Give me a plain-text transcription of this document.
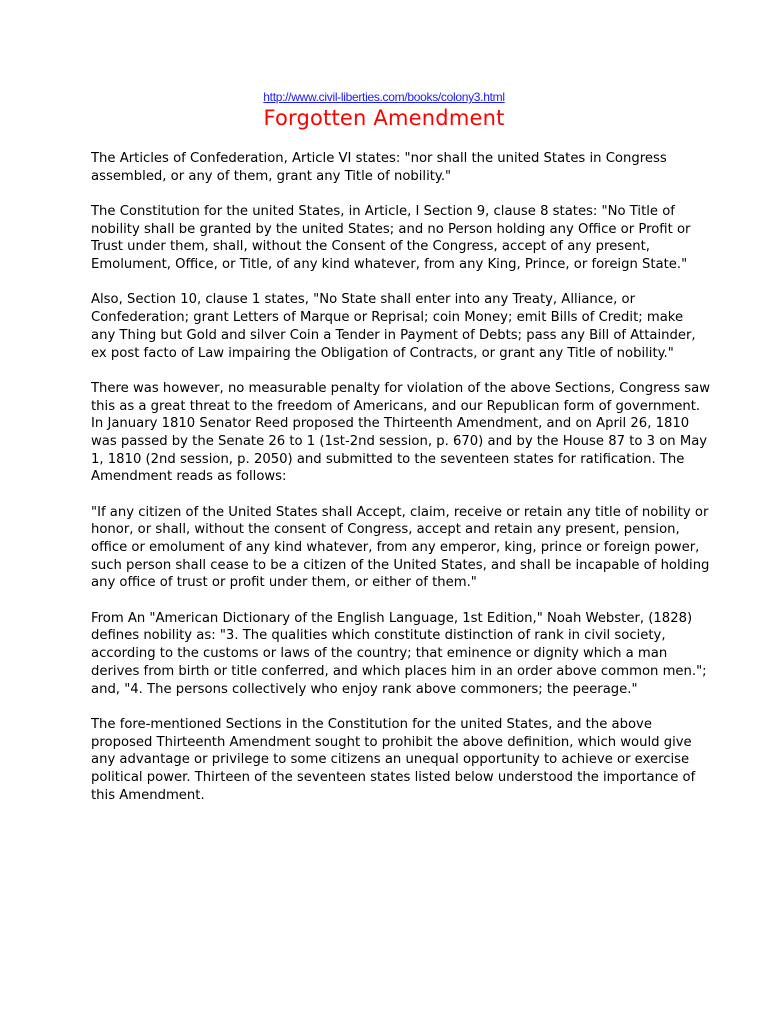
http://www.civil-liberties.com/books/colony3.html
Forgotten Amendment

The Articles of Confederation, Article VI states: "nor shall the united States in Congress assembled, or any of them, grant any Title of nobility."

The Constitution for the united States, in Article, I Section 9, clause 8 states: "No Title of nobility shall be granted by the united States; and no Person holding any Office or Profit or Trust under them, shall, without the Consent of the Congress, accept of any present, Emolument, Office, or Title, of any kind whatever, from any King, Prince, or foreign State."

Also, Section 10, clause 1 states, "No State shall enter into any Treaty, Alliance, or Confederation; grant Letters of Marque or Reprisal; coin Money; emit Bills of Credit; make any Thing but Gold and silver Coin a Tender in Payment of Debts; pass any Bill of Attainder, ex post facto of Law impairing the Obligation of Contracts, or grant any Title of nobility."

There was however, no measurable penalty for violation of the above Sections, Congress saw this as a great threat to the freedom of Americans, and our Republican form of government. In January 1810 Senator Reed proposed the Thirteenth Amendment, and on April 26, 1810 was passed by the Senate 26 to 1 (1st-2nd session, p. 670) and by the House 87 to 3 on May 1, 1810 (2nd session, p. 2050) and submitted to the seventeen states for ratification. The Amendment reads as follows:

"If any citizen of the United States shall Accept, claim, receive or retain any title of nobility or honor, or shall, without the consent of Congress, accept and retain any present, pension, office or emolument of any kind whatever, from any emperor, king, prince or foreign power, such person shall cease to be a citizen of the United States, and shall be incapable of holding any office of trust or profit under them, or either of them."

From An "American Dictionary of the English Language, 1st Edition," Noah Webster, (1828) defines nobility as: "3. The qualities which constitute distinction of rank in civil society, according to the customs or laws of the country; that eminence or dignity which a man derives from birth or title conferred, and which places him in an order above common men."; and, "4. The persons collectively who enjoy rank above commoners; the peerage."

The fore-mentioned Sections in the Constitution for the united States, and the above proposed Thirteenth Amendment sought to prohibit the above definition, which would give any advantage or privilege to some citizens an unequal opportunity to achieve or exercise political power. Thirteen of the seventeen states listed below understood the importance of this Amendment.
